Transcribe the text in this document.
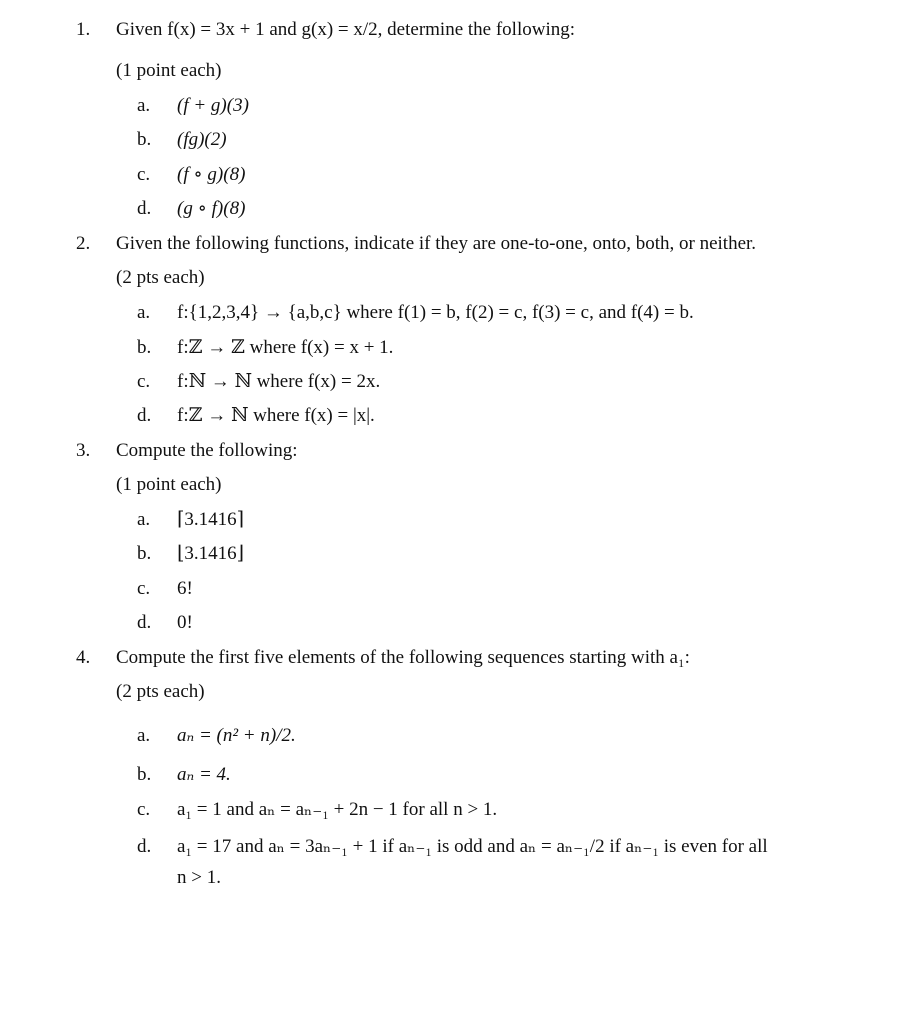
1. Given f(x) = 3x + 1 and g(x) = x/2, determine the following:
(1 point each)
a. (f + g)(3)
b. (fg)(2)
c. (f ∘ g)(8)
d. (g ∘ f)(8)
2. Given the following functions, indicate if they are one-to-one, onto, both, or neither.
(2 pts each)
a. f:{1,2,3,4} → {a,b,c} where f(1) = b, f(2) = c, f(3) = c, and f(4) = b.
b. f:ℤ → ℤ where f(x) = x + 1.
c. f:ℕ → ℕ where f(x) = 2x.
d. f:ℤ → ℕ where f(x) = |x|.
3. Compute the following:
(1 point each)
a. ⌈3.1416⌉
b. ⌊3.1416⌋
c. 6!
d. 0!
4. Compute the first five elements of the following sequences starting with a₁:
(2 pts each)
a. aₙ = (n² + n)/2.
b. aₙ = 4.
c. a₁ = 1 and aₙ = aₙ₋₁ + 2n − 1 for all n > 1.
d. a₁ = 17 and aₙ = 3aₙ₋₁ + 1 if aₙ₋₁ is odd and aₙ = aₙ₋₁/2 if aₙ₋₁ is even for all
n > 1.
